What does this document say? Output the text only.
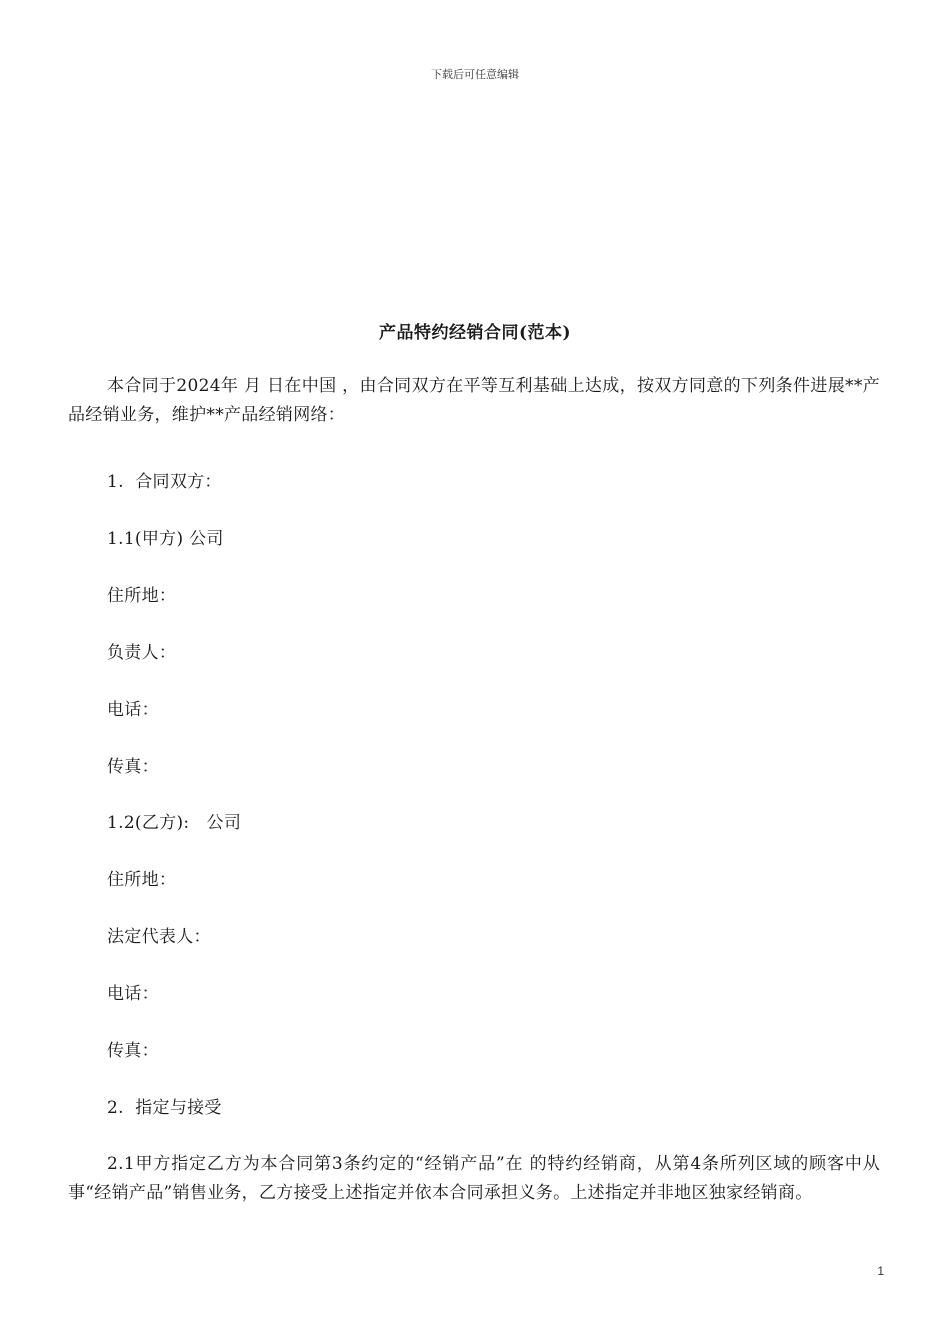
下载后可任意编辑
产品特约经销合同(范本)
本合同于2024年 月 日在中国 ，由合同双方在平等互利基础上达成，按双方同意的下列条件进展**产品经销业务，维护**产品经销网络：
1.  合同双方：
1.1(甲方) 公司
住所地：
负责人：
电话：
传真：
1.2(乙方):   公司
住所地：
法定代表人：
电话：
传真：
2.  指定与接受
2.1甲方指定乙方为本合同第3条约定的“经销产品”在 的特约经销商，从第4条所列区域的顾客中从事“经销产品”销售业务，乙方接受上述指定并依本合同承担义务。上述指定并非地区独家经销商。
1
